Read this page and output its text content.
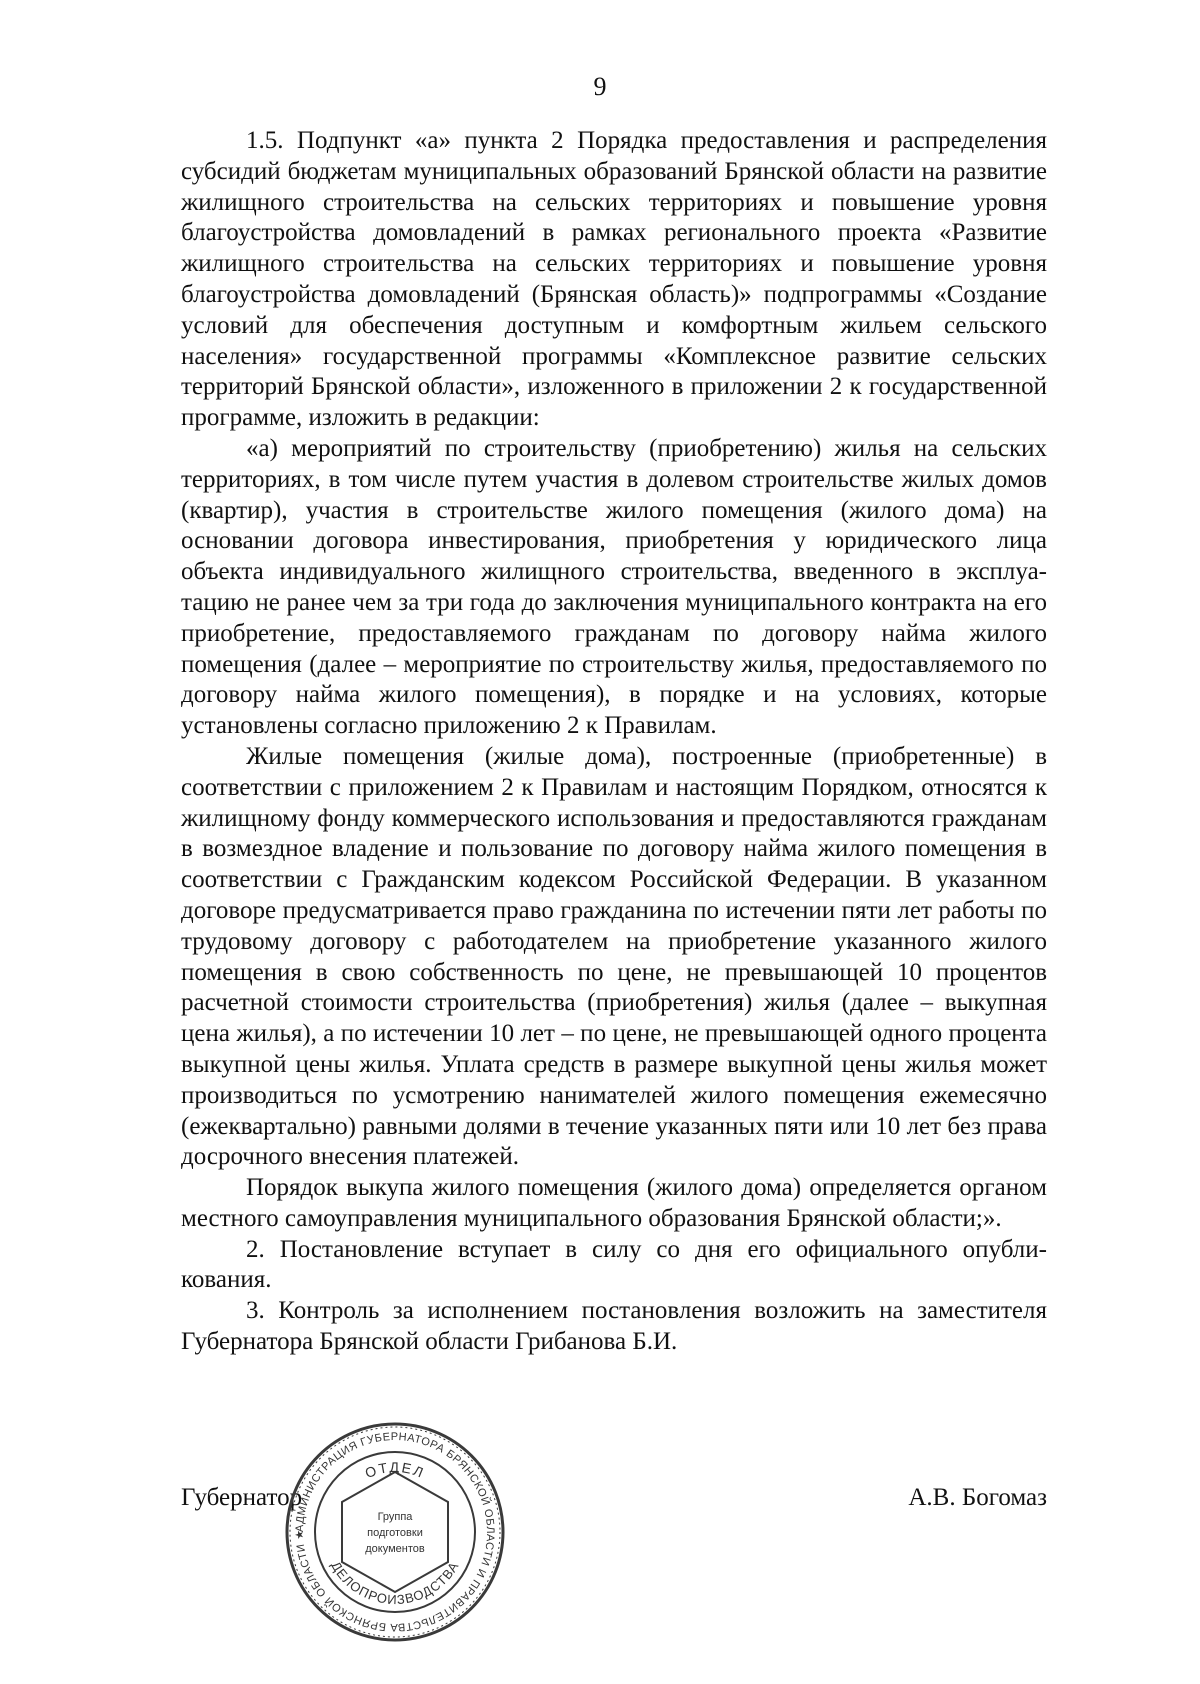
9

1.5. Подпункт «а» пункта 2 Порядка предоставления и распределения субсидий бюджетам муниципальных образований Брянской области на развитие жилищного строительства на сельских территориях и повышение уровня благоустройства домовладений в рамках регионального проекта «Развитие жилищного строительства на сельских территориях и повышение уровня благоустройства домовладений (Брянская область)» подпрограммы «Создание условий для обеспечения доступным и комфортным жильем сельского населения» государственной программы «Комплексное развитие сельских территорий Брянской области», изложенного в приложении 2 к государственной программе, изложить в редакции:

«а) мероприятий по строительству (приобретению) жилья на сельских территориях, в том числе путем участия в долевом строительстве жилых домов (квартир), участия в строительстве жилого помещения (жилого дома) на основании договора инвестирования, приобретения у юридического лица объекта индивидуального жилищного строительства, введенного в эксплуатацию не ранее чем за три года до заключения муниципального контракта на его приобретение, предоставляемого гражданам по договору найма жилого помещения (далее – мероприятие по строительству жилья, предоставляемого по договору найма жилого помещения), в порядке и на условиях, которые установлены согласно приложению 2 к Правилам.

Жилые помещения (жилые дома), построенные (приобретенные) в соответствии с приложением 2 к Правилам и настоящим Порядком, относятся к жилищному фонду коммерческого использования и предоставляются гражданам в возмездное владение и пользование по договору найма жилого помещения в соответствии с Гражданским кодексом Российской Федерации. В указанном договоре предусматривается право гражданина по истечении пяти лет работы по трудовому договору с работодателем на приобретение указанного жилого помещения в свою собственность по цене, не превышающей 10 процентов расчетной стоимости строительства (приобретения) жилья (далее – выкупная цена жилья), а по истечении 10 лет – по цене, не превышающей одного процента выкупной цены жилья. Уплата средств в размере выкупной цены жилья может производиться по усмотрению нанимателей жилого помещения ежемесячно (ежеквартально) равными долями в течение указанных пяти или 10 лет без права досрочного внесения платежей.

Порядок выкупа жилого помещения (жилого дома) определяется органом местного самоуправления муниципального образования Брянской области;».

2. Постановление вступает в силу со дня его официального опубликования.

3. Контроль за исполнением постановления возложить на заместителя Губернатора Брянской области Грибанова Б.И.

Губернатор	А.В. Богомаз
АДМИНИСТРАЦИЯ ГУБЕРНАТОРА БРЯНСКОЙ ОБЛАСТИ И ПРАВИТЕЛЬСТВА БРЯНСКОЙ ОБЛАСТИ ★
ОТДЕЛ
ДЕЛОПРОИЗВОДСТВА
Группа
подготовки
документов
